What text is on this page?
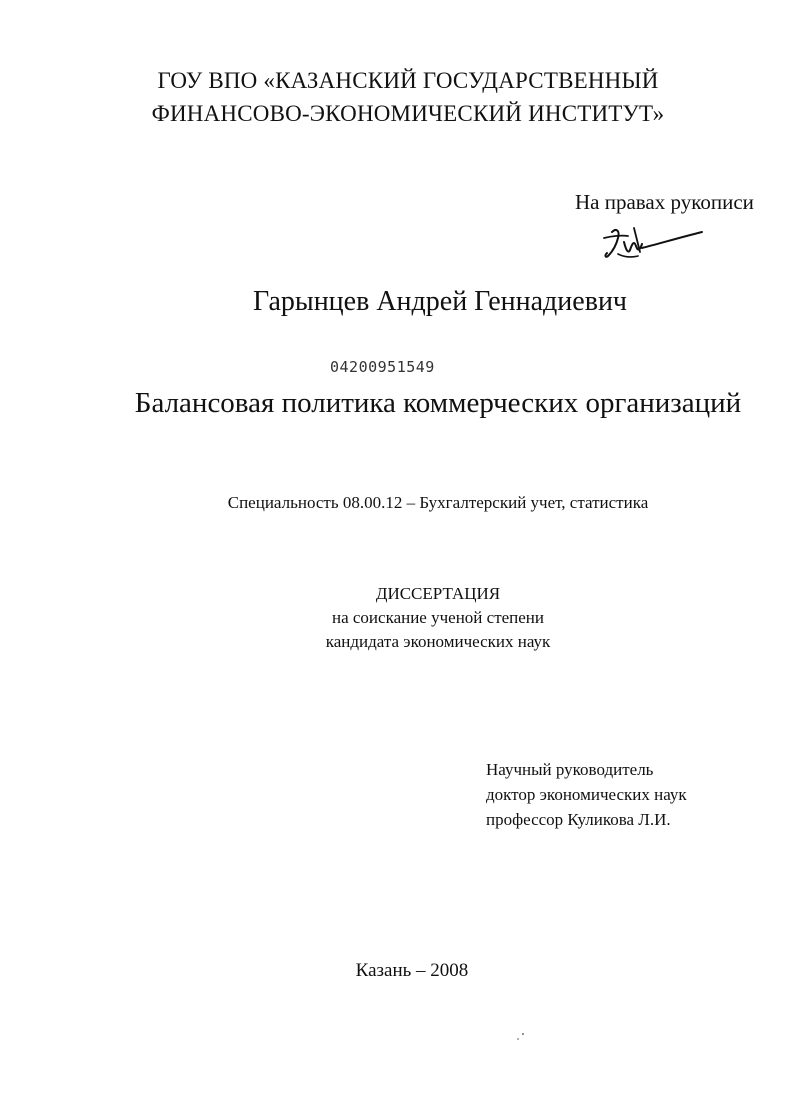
ГОУ ВПО «КАЗАНСКИЙ ГОСУДАРСТВЕННЫЙ
ФИНАНСОВО-ЭКОНОМИЧЕСКИЙ ИНСТИТУТ»
На правах рукописи
Гарынцев Андрей Геннадиевич
04200951549
Балансовая политика коммерческих организаций
Специальность 08.00.12 – Бухгалтерский учет, статистика
ДИССЕРТАЦИЯ
на соискание ученой степени
кандидата экономических наук
Научный руководитель
доктор экономических наук
профессор Куликова Л.И.
Казань – 2008
